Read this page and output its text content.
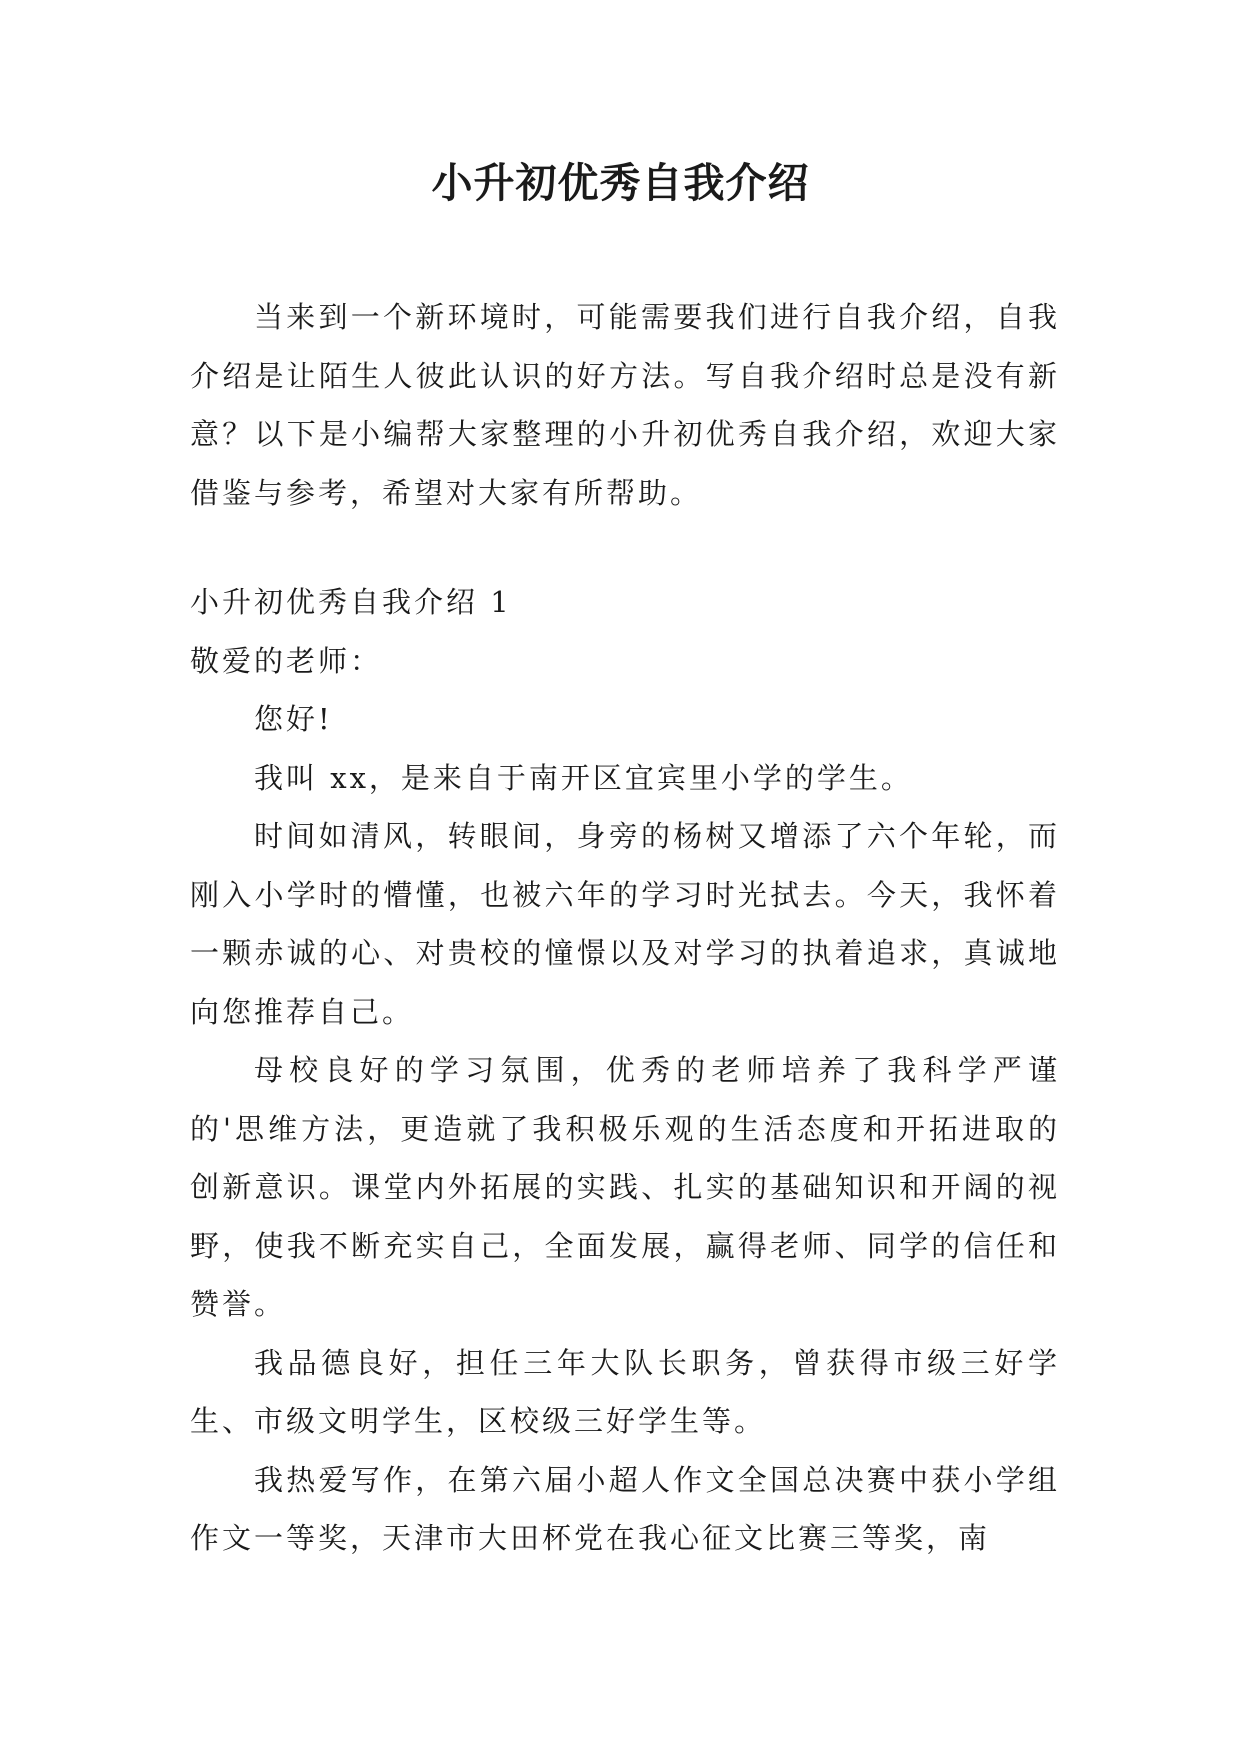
小升初优秀自我介绍

当来到一个新环境时，可能需要我们进行自我介绍，自我介绍是让陌生人彼此认识的好方法。写自我介绍时总是没有新意？以下是小编帮大家整理的小升初优秀自我介绍，欢迎大家借鉴与参考，希望对大家有所帮助。

小升初优秀自我介绍 1

敬爱的老师：

您好!

我叫 xx，是来自于南开区宜宾里小学的学生。

时间如清风，转眼间，身旁的杨树又增添了六个年轮，而刚入小学时的懵懂，也被六年的学习时光拭去。今天，我怀着一颗赤诚的心、对贵校的憧憬以及对学习的执着追求，真诚地向您推荐自己。

母校良好的学习氛围，优秀的老师培养了我科学严谨的'思维方法，更造就了我积极乐观的生活态度和开拓进取的创新意识。课堂内外拓展的实践、扎实的基础知识和开阔的视野，使我不断充实自己，全面发展，赢得老师、同学的信任和赞誉。

我品德良好，担任三年大队长职务，曾获得市级三好学生、市级文明学生，区校级三好学生等。

我热爱写作，在第六届小超人作文全国总决赛中获小学组作文一等奖，天津市大田杯党在我心征文比赛三等奖，南
